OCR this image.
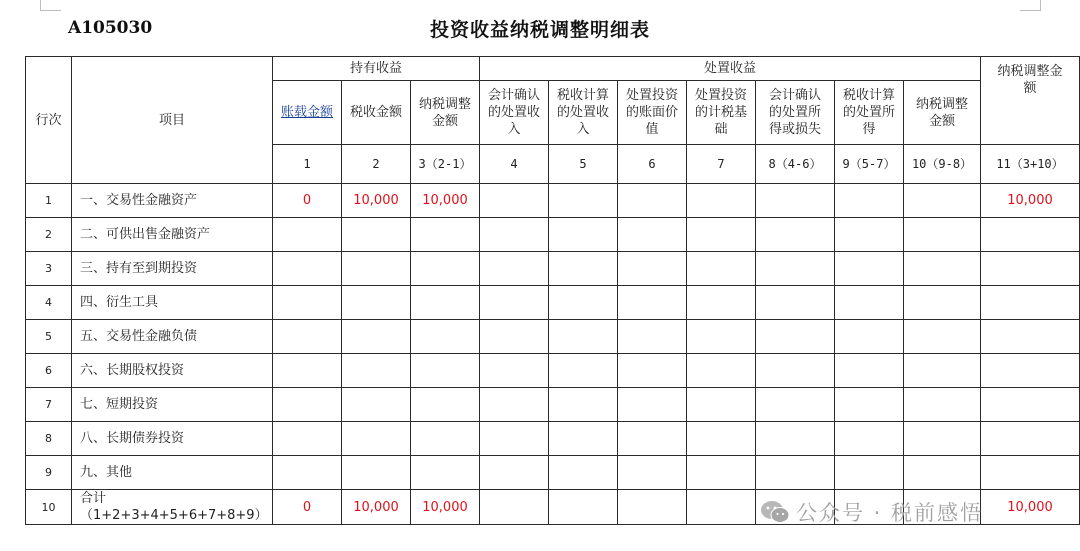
A105030	投资收益纳税调整明细表
行次	项目	持有收益			处置收益							纳税调整金额
		账载金额	税收金额	纳税调整金额	会计确认的处置收入	税收计算的处置收入	处置投资的账面价值	处置投资的计税基础	会计确认的处置所得或损失	税收计算的处置所得	纳税调整金额	
		1	2	3（2-1）	4	5	6	7	8（4-6）	9（5-7）	10（9-8）	11（3+10）
1	一、交易性金融资产	0	10,000	10,000								10,000
2	二、可供出售金融资产											
3	三、持有至到期投资											
4	四、衍生工具											
5	五、交易性金融负债											
6	六、长期股权投资											
7	七、短期投资											
8	八、长期债券投资											
9	九、其他											
10	合计（1+2+3+4+5+6+7+8+9）	0	10,000	10,000								10,000
公众号 · 税前感悟
